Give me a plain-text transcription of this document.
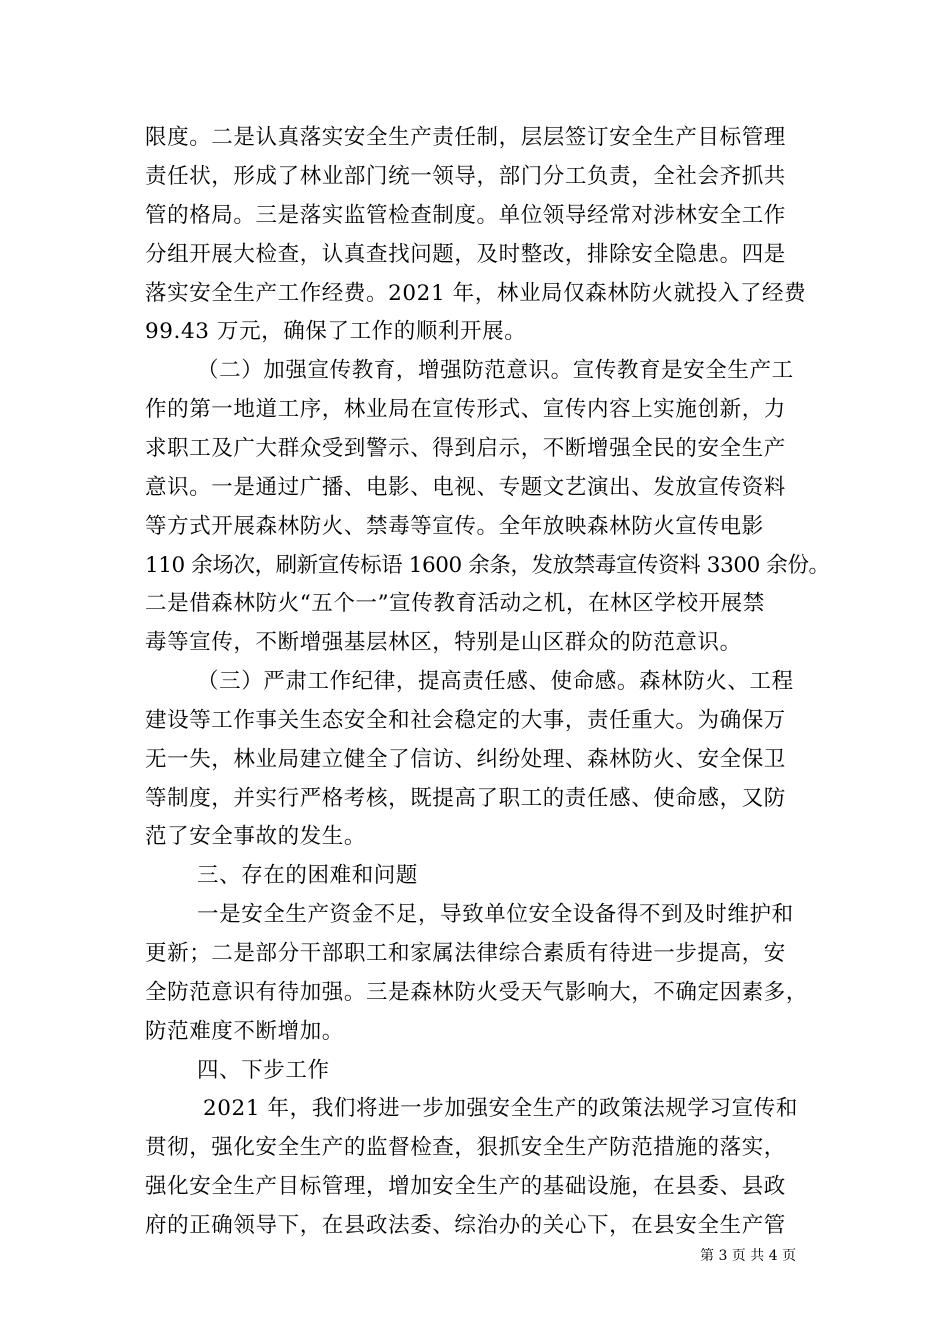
限度。二是认真落实安全生产责任制，层层签订安全生产目标管理
责任状，形成了林业部门统一领导，部门分工负责，全社会齐抓共
管的格局。三是落实监管检查制度。单位领导经常对涉林安全工作
分组开展大检查，认真查找问题，及时整改，排除安全隐患。四是
落实安全生产工作经费。2021 年，林业局仅森林防火就投入了经费
99.43 万元，确保了工作的顺利开展。
（二）加强宣传教育，增强防范意识。宣传教育是安全生产工
作的第一地道工序，林业局在宣传形式、宣传内容上实施创新，力
求职工及广大群众受到警示、得到启示，不断增强全民的安全生产
意识。一是通过广播、电影、电视、专题文艺演出、发放宣传资料
等方式开展森林防火、禁毒等宣传。全年放映森林防火宣传电影
110 余场次，刷新宣传标语 1600 余条，发放禁毒宣传资料 3300 余份。
二是借森林防火“五个一”宣传教育活动之机，在林区学校开展禁
毒等宣传，不断增强基层林区，特别是山区群众的防范意识。
（三）严肃工作纪律，提高责任感、使命感。森林防火、工程
建设等工作事关生态安全和社会稳定的大事，责任重大。为确保万
无一失，林业局建立健全了信访、纠纷处理、森林防火、安全保卫
等制度，并实行严格考核，既提高了职工的责任感、使命感，又防
范了安全事故的发生。
三、存在的困难和问题
一是安全生产资金不足，导致单位安全设备得不到及时维护和
更新；二是部分干部职工和家属法律综合素质有待进一步提高，安
全防范意识有待加强。三是森林防火受天气影响大，不确定因素多，
防范难度不断增加。
四、下步工作
2021 年，我们将进一步加强安全生产的政策法规学习宣传和
贯彻，强化安全生产的监督检查，狠抓安全生产防范措施的落实，
强化安全生产目标管理，增加安全生产的基础设施，在县委、县政
府的正确领导下，在县政法委、综治办的关心下，在县安全生产管
第 3 页 共 4 页
